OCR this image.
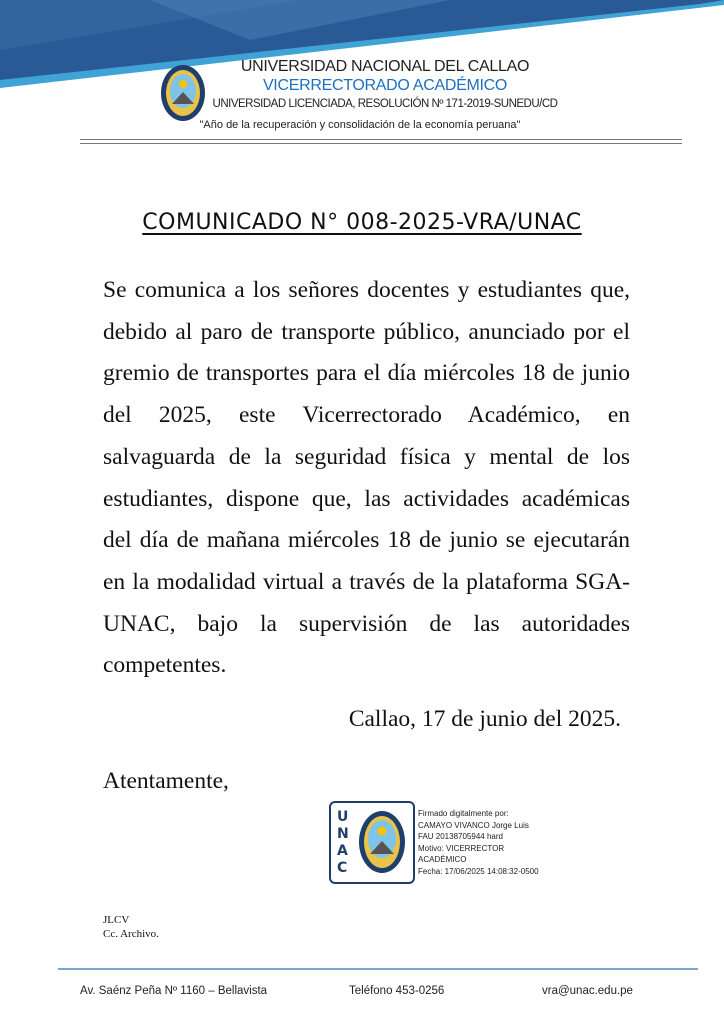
UNIVERSIDAD NACIONAL DEL CALLAO
VICERRECTORADO ACADÉMICO
UNIVERSIDAD LICENCIADA, RESOLUCIÓN Nº 171-2019-SUNEDU/CD
"Año de la recuperación y consolidación de la economía peruana"
COMUNICADO N° 008-2025-VRA/UNAC
Se comunica a los señores docentes y estudiantes que, debido al paro de transporte público, anunciado por el gremio de transportes para el día miércoles 18 de junio del 2025, este Vicerrectorado Académico, en salvaguarda de la seguridad física y mental de los estudiantes, dispone que, las actividades académicas del día de mañana miércoles 18 de junio se ejecutarán en la modalidad virtual a través de la plataforma SGA-UNAC, bajo la supervisión de las autoridades competentes.
Callao, 17 de junio del 2025.
Atentamente,
U
N
A
C
Firmado digitalmente por:
CAMAYO VIVANCO Jorge Luis
FAU 20138705944 hard
Motivo: VICERRECTOR
ACADÉMICO
Fecha: 17/06/2025 14:08:32-0500
JLCV
Cc. Archivo.
Av. Saénz Peña Nº 1160 – Bellavista	Teléfono 453-0256	vra@unac.edu.pe
